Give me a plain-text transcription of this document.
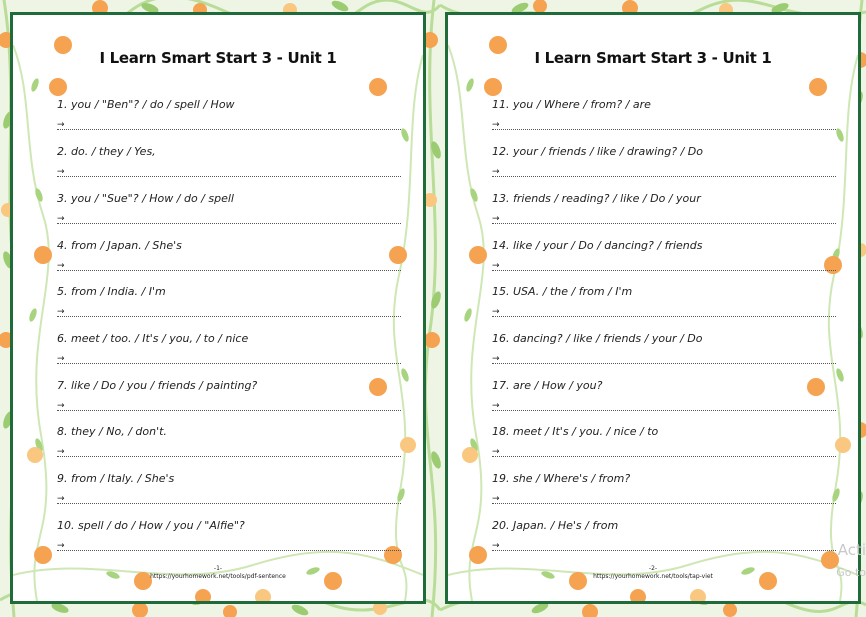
I Learn Smart Start 3 - Unit 1
1. you / "Ben"? / do / spell / How
→
2. do. / they / Yes,
→
3. you / "Sue"? / How / do / spell
→
4. from / Japan. / She's
→
5. from / India. / I'm
→
6. meet / too. / It's / you, / to / nice
→
7. like / Do / you / friends / painting?
→
8. they / No, / don't.
→
9. from / Italy. / She's
→
10. spell / do / How / you / "Alfie"?
→
-1-
https://yourhomework.net/tools/pdf-sentence
I Learn Smart Start 3 - Unit 1
11. you / Where / from? / are
→
12. your / friends / like / drawing? / Do
→
13. friends / reading? / like / Do / your
→
14. like / your / Do / dancing? / friends
→
15. USA. / the / from / I'm
→
16. dancing? / like / friends / your / Do
→
17. are / How / you?
→
18. meet / It's / you. / nice / to
→
19. she / Where's / from?
→
20. Japan. / He's / from
→
-2-
https://yourhomework.net/tools/tap-viet
Acti
Go to
